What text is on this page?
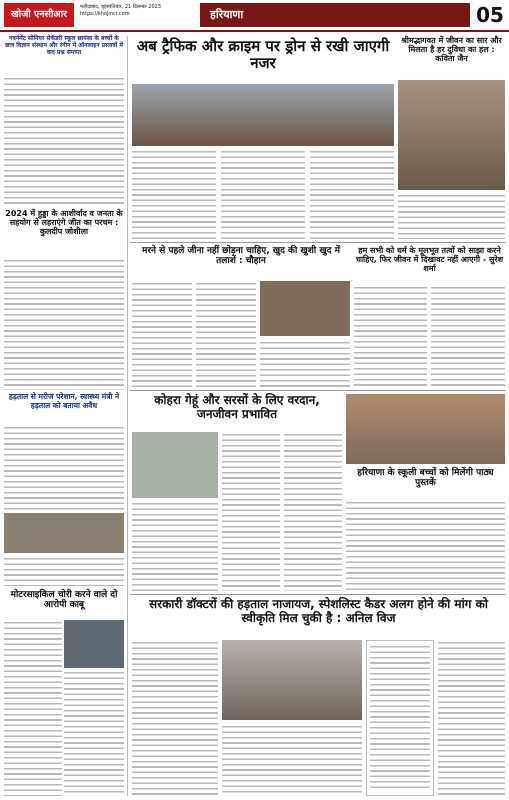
खोजी एनसीआर
फरीदाबाद, बृहस्पतिवार, 21 दिसम्बर 2023
https://khojincr.com	हरियाणा	05
गवर्नमेंट सीनियर सेकेंडरी स्कूल छायंसा के बच्चों के छात्र विज्ञान संस्थान और रंगीन में ऑनलाइन प्रस्तावों में वाद प्रश्न समाप्त
2024 में हुड्डा के आशीर्वाद व जनता के सहयोग से लहराएंगे जीत का परचम : कुलदीप जोशीला
हड़ताल से मरीज परेशान, स्वास्थ्य मंत्री ने हड़ताल को बताया अवैध
मोटरसाइकिल चोरी करने वाले दो आरोपी काबू
अब ट्रैफिक और क्राइम पर ड्रोन से रखी जाएगी नजर
श्रीमद्भागवत में जीवन का सार और मिलता है हर दुविधा का हल : कविता जैन
मरने से पहले जीना नहीं छोड़ना चाहिए, खुद की खुशी खुद में तलाशें : चौहान
हम सभी को धर्म के मूलभूत तत्वों को साझा करने चाहिए, फिर जीवन में दिखावट नहीं आएगी - सुरेश शर्मा
कोहरा गेहूं और सरसों के लिए वरदान, जनजीवन प्रभावित
हरियाणा के स्कूली बच्चों को मिलेंगी पाठ्य पुस्तकें
सरकारी डॉक्टरों की हड़ताल नाजायज, स्पेशलिस्ट कैडर अलग होने की मांग को स्वीकृति मिल चुकी है : अनिल विज
